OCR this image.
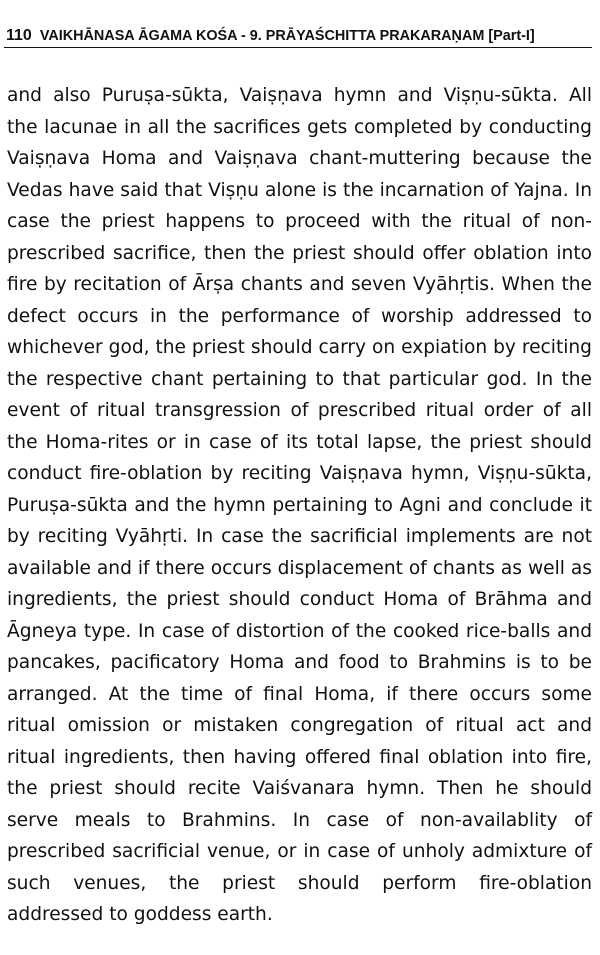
110 VAIKHĀNASA ĀGAMA KOŚA - 9. PRĀYAŚCHITTA PRAKARAṆAM [Part-I]

and also Puruṣa-sūkta, Vaiṣṇava hymn and Viṣṇu-sūkta. All the lacunae in all the sacrifices gets completed by conducting Vaiṣṇava Homa and Vaiṣṇava chant-muttering because the Vedas have said that Viṣṇu alone is the incarnation of Yajna. In case the priest happens to proceed with the ritual of non-prescribed sacrifice, then the priest should offer oblation into fire by recitation of Ārṣa chants and seven Vyāhṛtis. When the defect occurs in the performance of worship addressed to whichever god, the priest should carry on expiation by reciting the respective chant pertaining to that particular god. In the event of ritual transgression of prescribed ritual order of all the Homa-rites or in case of its total lapse, the priest should conduct fire-oblation by reciting Vaiṣṇava hymn, Viṣṇu-sūkta, Puruṣa-sūkta and the hymn pertaining to Agni and conclude it by reciting Vyāhṛti. In case the sacrificial implements are not available and if there occurs displacement of chants as well as ingredients, the priest should conduct Homa of Brāhma and Āgneya type. In case of distortion of the cooked rice-balls and pancakes, pacificatory Homa and food to Brahmins is to be arranged. At the time of final Homa, if there occurs some ritual omission or mistaken congregation of ritual act and ritual ingredients, then having offered final oblation into fire, the priest should recite Vaiśvanara hymn. Then he should serve meals to Brahmins. In case of non-availablity of prescribed sacrificial venue, or in case of unholy admixture of such venues, the priest should perform fire-oblation addressed to goddess earth.
